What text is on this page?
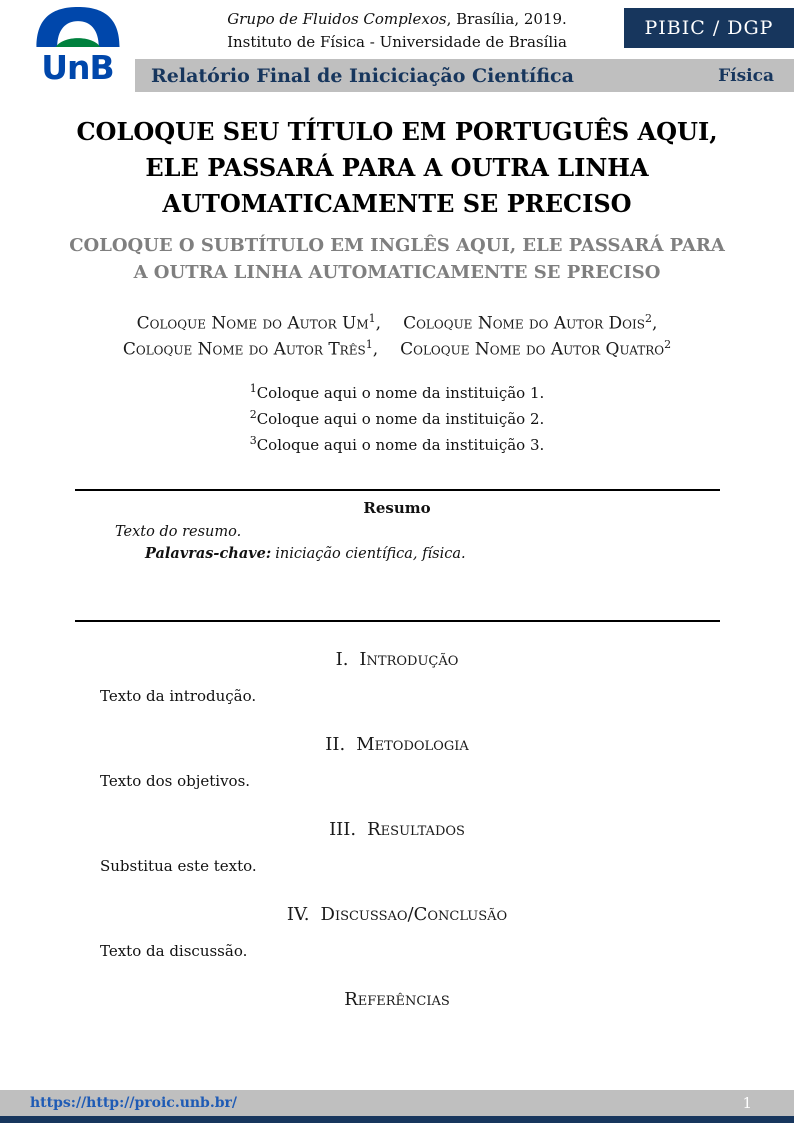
UnB
Grupo de Fluidos Complexos, Brasília, 2019.
Instituto de Física - Universidade de Brasília
PIBIC / DGP
Relatório Final de Iniciciação Científica	Física
COLOQUE SEU TÍTULO EM PORTUGUÊS AQUI, ELE PASSARÁ PARA A OUTRA LINHA AUTOMATICAMENTE SE PRECISO
COLOQUE O SUBTÍTULO EM INGLÊS AQUI, ELE PASSARÁ PARA A OUTRA LINHA AUTOMATICAMENTE SE PRECISO
Coloque Nome do Autor Um$^1$, Coloque Nome do Autor Dois$^2$,
Coloque Nome do Autor Três$^1$, Coloque Nome do Autor Quatro$^2$
$^1$Coloque aqui o nome da instituição 1.
$^2$Coloque aqui o nome da instituição 2.
$^3$Coloque aqui o nome da instituição 3.
Resumo

Texto do resumo.

Palavras-chave: iniciação científica, física.

I. Introdução

Texto da introdução.

II. Metodologia

Texto dos objetivos.

III. Resultados

Substitua este texto.

IV. Discussao/Conclusão

Texto da discussão.

Referências
https://http://proic.unb.br/	1
